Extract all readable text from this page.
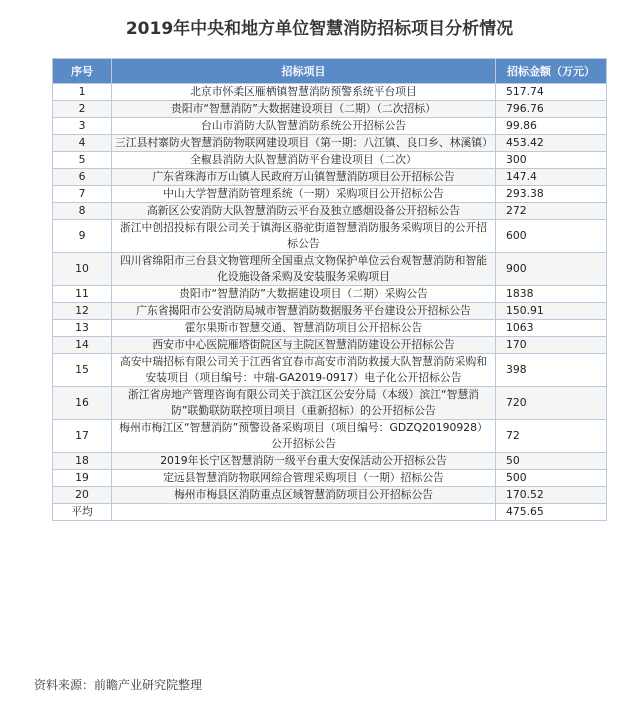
2019年中央和地方单位智慧消防招标项目分析情况
序号	招标项目	招标金额（万元）
1	北京市怀柔区雁栖镇智慧消防预警系统平台项目	517.74
2	贵阳市“智慧消防”大数据建设项目（二期）（二次招标）	796.76
3	台山市消防大队智慧消防系统公开招标公告	99.86
4	三江县村寨防火智慧消防物联网建设项目（第一期：八江镇、良口乡、林溪镇）	453.42
5	全椒县消防大队智慧消防平台建设项目（二次）	300
6	广东省珠海市万山镇人民政府万山镇智慧消防项目公开招标公告	147.4
7	中山大学智慧消防管理系统（一期）采购项目公开招标公告	293.38
8	高新区公安消防大队智慧消防云平台及独立感烟设备公开招标公告	272
9	浙江中创招投标有限公司关于镇海区骆驼街道智慧消防服务采购项目的公开招标公告	600
10	四川省绵阳市三台县文物管理所全国重点文物保护单位云台观智慧消防和智能化设施设备采购及安装服务采购项目	900
11	贵阳市“智慧消防”大数据建设项目（二期）采购公告	1838
12	广东省揭阳市公安消防局城市智慧消防数据服务平台建设公开招标公告	150.91
13	霍尔果斯市智慧交通、智慧消防项目公开招标公告	1063
14	西安市中心医院雁塔街院区与主院区智慧消防建设公开招标公告	170
15	高安中瑞招标有限公司关于江西省宜春市高安市消防救援大队智慧消防采购和安装项目（项目编号：中瑞-GA2019-0917）电子化公开招标公告	398
16	浙江省房地产管理咨询有限公司关于滨江区公安分局（本级）滨江“智慧消防”联勤联防联控项目项目（重新招标）的公开招标公告	720
17	梅州市梅江区“智慧消防”预警设备采购项目（项目编号：GDZQ20190928）公开招标公告	72
18	2019年长宁区智慧消防一级平台重大安保活动公开招标公告	50
19	定远县智慧消防物联网综合管理采购项目（一期）招标公告	500
20	梅州市梅县区消防重点区域智慧消防项目公开招标公告	170.52
平均		475.65
资料来源：前瞻产业研究院整理
